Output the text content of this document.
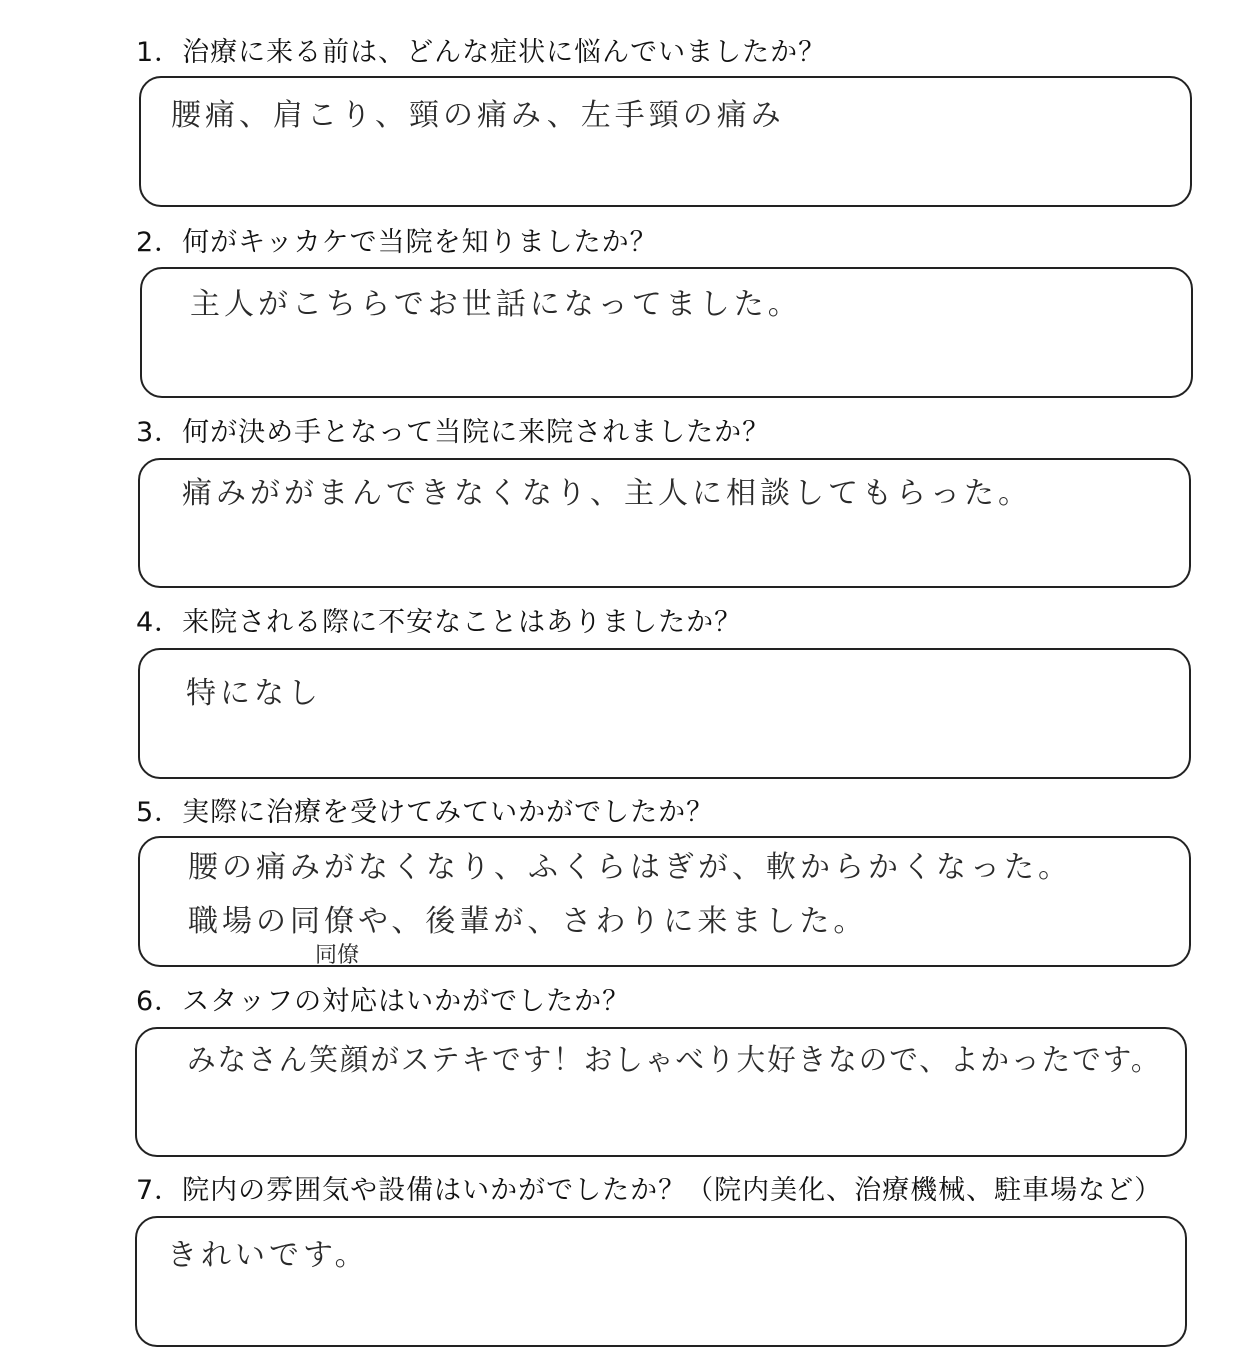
1．治療に来る前は、どんな症状に悩んでいましたか？
腰痛、肩こり、頸の痛み、左手頸の痛み
2．何がキッカケで当院を知りましたか？
主人がこちらでお世話になってました。
3．何が決め手となって当院に来院されましたか？
痛みががまんできなくなり、主人に相談してもらった。
4．来院される際に不安なことはありましたか？
特になし
5．実際に治療を受けてみていかがでしたか？
腰の痛みがなくなり、ふくらはぎが、軟からかくなった。
職場の同僚や、後輩が、さわりに来ました。
同僚
6．スタッフの対応はいかがでしたか？
みなさん笑顔がステキです！おしゃべり大好きなので、よかったです。
7．院内の雰囲気や設備はいかがでしたか？（院内美化、治療機械、駐車場など）
きれいです。
